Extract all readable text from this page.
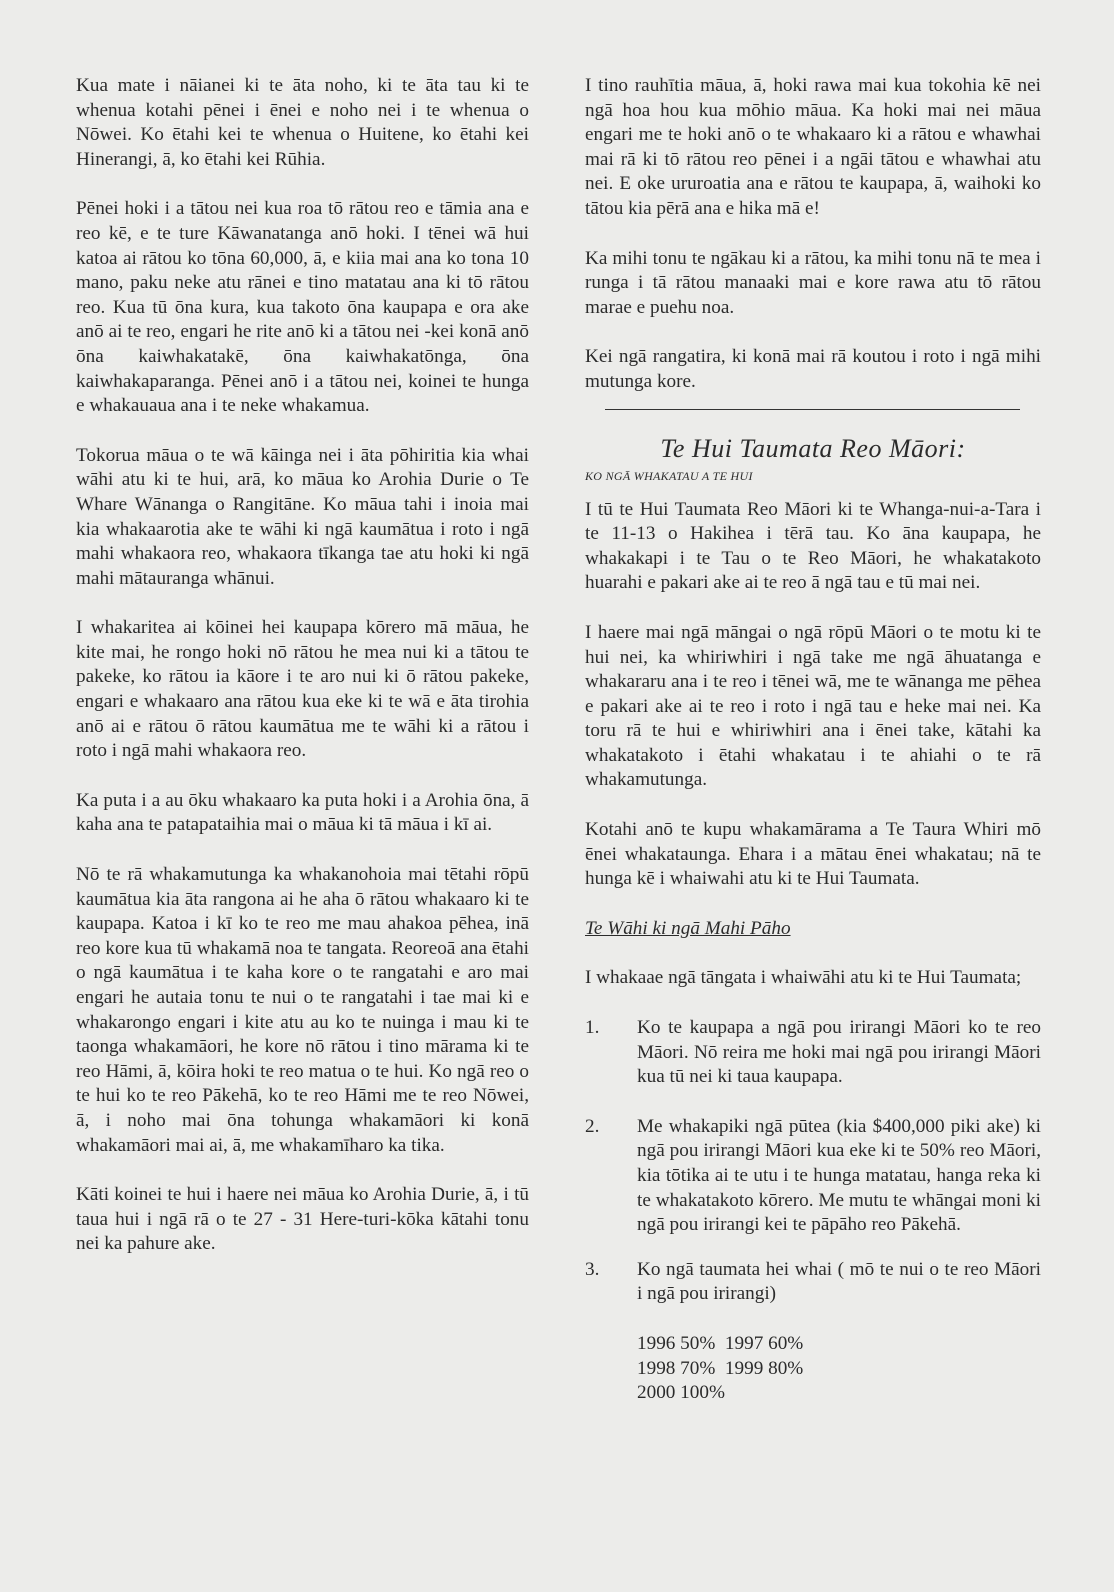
Kua mate i nāianei ki te āta noho, ki te āta tau ki te whenua kotahi pēnei i ēnei e noho nei i te whenua o Nōwei. Ko ētahi kei te whenua o Huitene, ko ētahi kei Hinerangi, ā, ko ētahi kei Rūhia.

Pēnei hoki i a tātou nei kua roa tō rātou reo e tāmia ana e reo kē, e te ture Kāwanatanga anō hoki. I tēnei wā hui katoa ai rātou ko tōna 60,000, ā, e kiia mai ana ko tona 10 mano, paku neke atu rānei e tino matatau ana ki tō rātou reo. Kua tū ōna kura, kua takoto ōna kaupapa e ora ake anō ai te reo, engari he rite anō ki a tātou nei -kei konā anō ōna kaiwhakatakē, ōna kaiwhakatōnga, ōna kaiwhakaparanga. Pēnei anō i a tātou nei, koinei te hunga e whakauaua ana i te neke whakamua.

Tokorua māua o te wā kāinga nei i āta pōhiritia kia whai wāhi atu ki te hui, arā, ko māua ko Arohia Durie o Te Whare Wānanga o Rangitāne. Ko māua tahi i inoia mai kia whakaarotia ake te wāhi ki ngā kaumātua i roto i ngā mahi whakaora reo, whakaora tīkanga tae atu hoki ki ngā mahi mātauranga whānui.

I whakaritea ai kōinei hei kaupapa kōrero mā māua, he kite mai, he rongo hoki nō rātou he mea nui ki a tātou te pakeke, ko rātou ia kāore i te aro nui ki ō rātou pakeke, engari e whakaaro ana rātou kua eke ki te wā e āta tirohia anō ai e rātou ō rātou kaumātua me te wāhi ki a rātou i roto i ngā mahi whakaora reo.

Ka puta i a au ōku whakaaro ka puta hoki i a Arohia ōna, ā kaha ana te patapataihia mai o māua ki tā māua i kī ai.

Nō te rā whakamutunga ka whakanohoia mai tētahi rōpū kaumātua kia āta rangona ai he aha ō rātou whakaaro ki te kaupapa. Katoa i kī ko te reo me mau ahakoa pēhea, inā reo kore kua tū whakamā noa te tangata. Reoreoā ana ētahi o ngā kaumātua i te kaha kore o te rangatahi e aro mai engari he autaia tonu te nui o te rangatahi i tae mai ki e whakarongo engari i kite atu au ko te nuinga i mau ki te taonga whakamāori, he kore nō rātou i tino mārama ki te reo Hāmi, ā, kōira hoki te reo matua o te hui. Ko ngā reo o te hui ko te reo Pākehā, ko te reo Hāmi me te reo Nōwei, ā, i noho mai ōna tohunga whakamāori ki konā whakamāori mai ai, ā, me whakamīharo ka tika.

Kāti koinei te hui i haere nei māua ko Arohia Durie, ā, i tū taua hui i ngā rā o te 27 - 31 Here-turi-kōka kātahi tonu nei ka pahure ake.

I tino rauhītia māua, ā, hoki rawa mai kua tokohia kē nei ngā hoa hou kua mōhio māua. Ka hoki mai nei māua engari me te hoki anō o te whakaaro ki a rātou e whawhai mai rā ki tō rātou reo pēnei i a ngāi tātou e whawhai atu nei. E oke ururoatia ana e rātou te kaupapa, ā, waihoki ko tātou kia pērā ana e hika mā e!

Ka mihi tonu te ngākau ki a rātou, ka mihi tonu nā te mea i runga i tā rātou manaaki mai e kore rawa atu tō rātou marae e puehu noa.

Kei ngā rangatira, ki konā mai rā koutou i roto i ngā mihi mutunga kore.

Te Hui Taumata Reo Māori:
KO NGĀ WHAKATAU A TE HUI

I tū te Hui Taumata Reo Māori ki te Whanga-nui-a-Tara i te 11-13 o Hakihea i tērā tau. Ko āna kaupapa, he whakakapi i te Tau o te Reo Māori, he whakatakoto huarahi e pakari ake ai te reo ā ngā tau e tū mai nei.

I haere mai ngā māngai o ngā rōpū Māori o te motu ki te hui nei, ka whiriwhiri i ngā take me ngā āhuatanga e whakararu ana i te reo i tēnei wā, me te wānanga me pēhea e pakari ake ai te reo i roto i ngā tau e heke mai nei. Ka toru rā te hui e whiriwhiri ana i ēnei take, kātahi ka whakatakoto i ētahi whakatau i te ahiahi o te rā whakamutunga.

Kotahi anō te kupu whakamārama a Te Taura Whiri mō ēnei whakataunga. Ehara i a mātau ēnei whakatau; nā te hunga kē i whaiwahi atu ki te Hui Taumata.

Te Wāhi ki ngā Mahi Pāho

I whakaae ngā tāngata i whaiwāhi atu ki te Hui Taumata;

1. Ko te kaupapa a ngā pou irirangi Māori ko te reo Māori. Nō reira me hoki mai ngā pou irirangi Māori kua tū nei ki taua kaupapa.
2. Me whakapiki ngā pūtea (kia $400,000 piki ake) ki ngā pou irirangi Māori kua eke ki te 50% reo Māori, kia tōtika ai te utu i te hunga matatau, hanga reka ki te whakatakoto kōrero. Me mutu te whāngai moni ki ngā pou irirangi kei te pāpāho reo Pākehā.
3. Ko ngā taumata hei whai ( mō te nui o te reo Māori i ngā pou irirangi)
1996 50%  1997 60%
1998 70%  1999 80%
2000 100%
